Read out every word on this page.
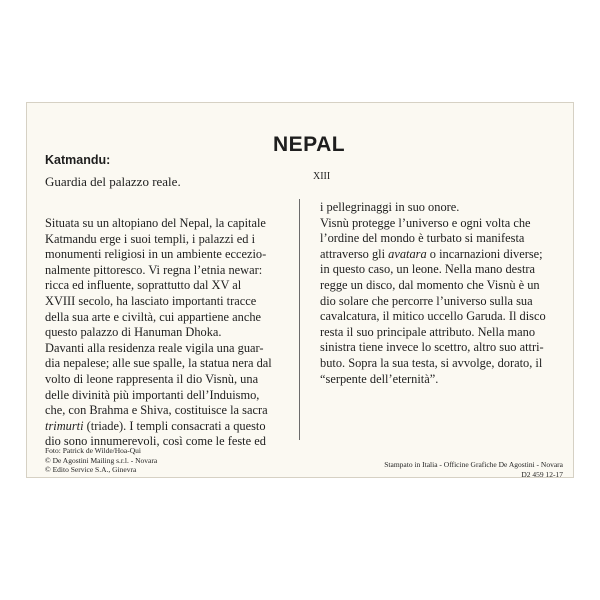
NEPAL
XIII
Katmandu:
Guardia del palazzo reale.
Situata su un altopiano del Nepal, la capitale
Katmandu erge i suoi templi, i palazzi ed i
monumenti religiosi in un ambiente eccezio-
nalmente pittoresco. Vi regna l’etnia newar:
ricca ed influente, soprattutto dal XV al
XVIII secolo, ha lasciato importanti tracce
della sua arte e civiltà, cui appartiene anche
questo palazzo di Hanuman Dhoka.
Davanti alla residenza reale vigila una guar-
dia nepalese; alle sue spalle, la statua nera dal
volto di leone rappresenta il dio Visnù, una
delle divinità più importanti dell’Induismo,
che, con Brahma e Shiva, costituisce la sacra
trimurti (triade). I templi consacrati a questo
dio sono innumerevoli, così come le feste ed
i pellegrinaggi in suo onore.
Visnù protegge l’universo e ogni volta che
l’ordine del mondo è turbato si manifesta
attraverso gli avatara o incarnazioni diverse;
in questo caso, un leone. Nella mano destra
regge un disco, dal momento che Visnù è un
dio solare che percorre l’universo sulla sua
cavalcatura, il mitico uccello Garuda. Il disco
resta il suo principale attributo. Nella mano
sinistra tiene invece lo scettro, altro suo attri-
buto. Sopra la sua testa, si avvolge, dorato, il
“serpente dell’eternità”.
Foto: Patrick de Wilde/Hoa-Qui
© De Agostini Mailing s.r.l. - Novara
© Edito Service S.A., Ginevra
Stampato in Italia - Officine Grafiche De Agostini - Novara
D2 459 12-17
